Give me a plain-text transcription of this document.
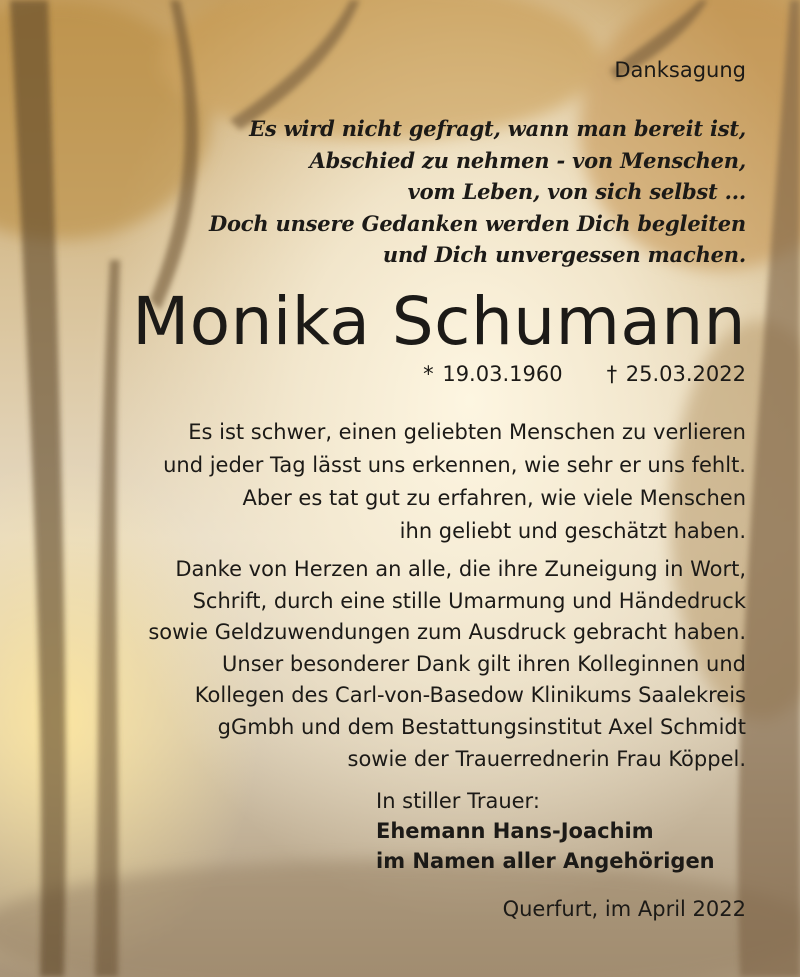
Danksagung
Es wird nicht gefragt, wann man bereit ist,
Abschied zu nehmen - von Menschen,
vom Leben, von sich selbst ...
Doch unsere Gedanken werden Dich begleiten
und Dich unvergessen machen.
Monika Schumann
* 19.03.1960 † 25.03.2022
Es ist schwer, einen geliebten Menschen zu verlieren
und jeder Tag lässt uns erkennen, wie sehr er uns fehlt.
Aber es tat gut zu erfahren, wie viele Menschen
ihn geliebt und geschätzt haben.
Danke von Herzen an alle, die ihre Zuneigung in Wort,
Schrift, durch eine stille Umarmung und Händedruck
sowie Geldzuwendungen zum Ausdruck gebracht haben.
Unser besonderer Dank gilt ihren Kolleginnen und
Kollegen des Carl-von-Basedow Klinikums Saalekreis
gGmbh und dem Bestattungsinstitut Axel Schmidt
sowie der Trauerrednerin Frau Köppel.
In stiller Trauer:
Ehemann Hans-Joachim
im Namen aller Angehörigen
Querfurt, im April 2022
